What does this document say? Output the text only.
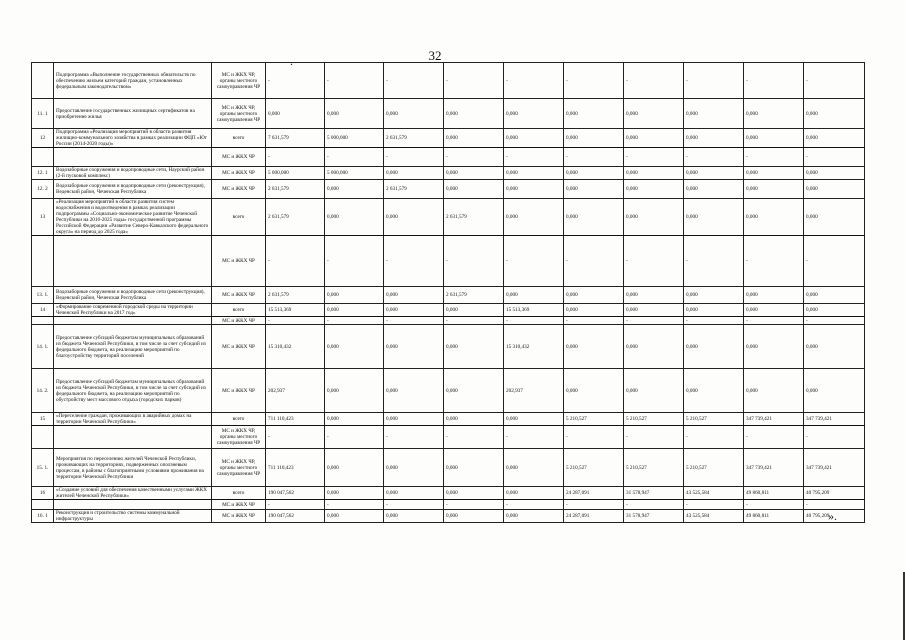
32
.
	Подпрограмма «Выполнение государственных обязательств по обеспечению жильем категорий граждан, установленных федеральным законодательством»	МС и ЖКХ ЧР, органы местного самоуправления ЧР	-	-	-	-	-	-	-	-	-	-
11. 1	Предоставление государственных жилищных сертификатов на приобретение жилья	МС и ЖКХ ЧР, органы местного самоуправления ЧР	0,000	0,000	0,000	0,000	0,000	0,000	0,000	0,000	0,000	0,000
12	Подпрограмма «Реализация мероприятий в области развития жилищно-коммунального хозяйства в рамках реализации ФЦП «Юг России (2014-2020 годы)»	всего	7 631,579	5 000,000	2 631,579	0,000	0,000	0,000	0,000	0,000	0,000	0,000
		МС и ЖКХ ЧР	-	-	-	-	-	-	-	-	-	-
12. 1	Водозаборные сооружения и водопроводные сети, Наурский район (2-й пусковой комплекс)	МС и ЖКХ ЧР	5 000,000	5 000,000	0,000	0,000	0,000	0,000	0,000	0,000	0,000	0,000
12. 2	Водозаборные сооружения и водопроводные сети (реконструкция), Веденский район, Чеченская Республика	МС и ЖКХ ЧР	2 631,579	0,000	2 631,579	0,000	0,000	0,000	0,000	0,000	0,000	0,000
13	«Реализация мероприятий в области развития систем водоснабжения и водоотведения в рамках реализации подпрограммы «Социально-экономическое развитие Чеченской Республики на 2016-2025 годы» государственной программы Российской Федерации «Развитие Северо-Кавказского федерального округа» на период до 2025 года»	всего	2 631,579	0,000	0,000	2 631,579	0,000	0,000	0,000	0,000	0,000	0,000
		МС и ЖКХ ЧР	-	-	-	-	-	-	-	-	-	-
13. 1.	Водозаборные сооружения и водопроводные сети (реконструкция), Веденский район, Чеченская Республика	МС и ЖКХ ЧР	2 631,579	0,000	0,000	2 631,579	0,000	0,000	0,000	0,000	0,000	0,000
14	«Формирование современной городской среды на территории Чеченской Республики на 2017 год»	всего	15 513,369	0,000	0,000	0,000	15 513,369	0,000	0,000	0,000	0,000	0,000
		МС и ЖКХ ЧР	-	-	-	-	-	-	-	-	-	-
14. 1.	Предоставление субсидий бюджетам муниципальных образований из бюджета Чеченской Республики, в том числе за счет субсидий из федерального бюджета, на реализацию мероприятий по благоустройству территорий поселений	МС и ЖКХ ЧР	15 310,432	0,000	0,000	0,000	15 310,432	0,000	0,000	0,000	0,000	0,000
14. 2.	Предоставление субсидий бюджетам муниципальных образований из бюджета Чеченской Республики, в том числе за счет субсидий из федерального бюджета, на реализацию мероприятий по обустройству мест массового отдыха (городских парков)	МС и ЖКХ ЧР	202,937	0,000	0,000	0,000	202,937	0,000	0,000	0,000	0,000	0,000
15	«Переселение граждан, проживающих в аварийных домах на территории Чеченской Республики»	всего	711 110,423	0,000	0,000	0,000	0,000	5 210,527	5 210,527	5 210,527	347 739,421	347 739,421
		МС и ЖКХ ЧР, органы местного самоуправления ЧР	-	-	-	-	-	-	-	-	-	-
15. 1.	Мероприятия по переселению жителей Чеченской Республики, проживающих на территориях, подверженных оползневым процессам, в районы с благоприятными условиями проживания на территории Чеченской Республики	МС и ЖКХ ЧР, органы местного самоуправления ЧР	711 110,423	0,000	0,000	0,000	0,000	5 210,527	5 210,527	5 210,527	347 739,421	347 739,421
16	«Создание условий для обеспечения качественными услугами ЖКХ жителей Чеченской Республики»	всего	190 047,562	0,000	0,000	0,000	0,000	24 287,091	31 578,947	43 525,584	49 860,811	40 795,209
		МС и ЖКХ ЧР	-	-	-	-	-	-	-	-	-	-
16. 1	Реконструкция и строительство системы коммунальной инфраструктуры	МС и ЖКХ ЧР	190 047,562	0,000	0,000	0,000	0,000	24 287,091	31 578,947	43 525,584	49 860,811	40 795,209
».
